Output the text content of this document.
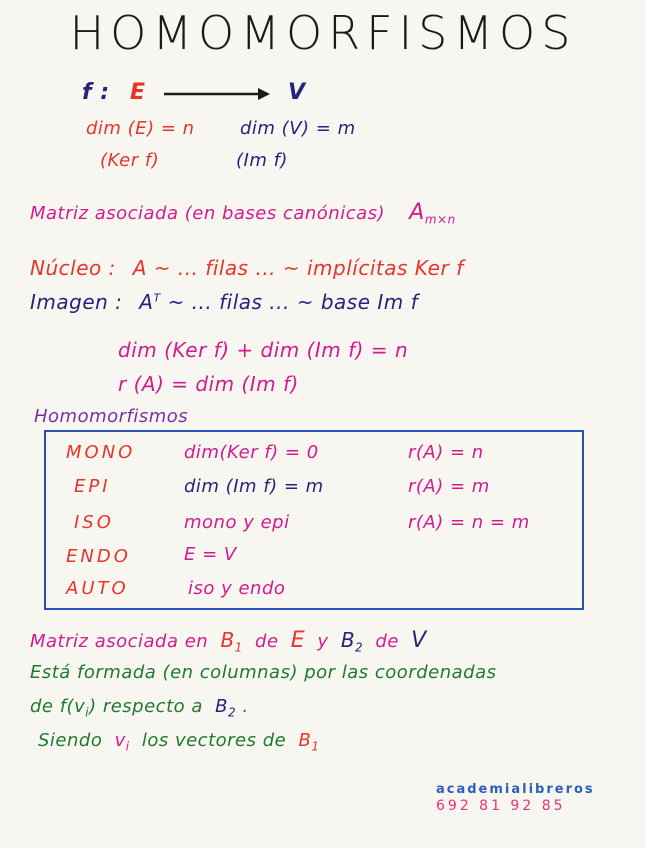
HOMOMORFISMOS
f : E	V
dim (E) = n	dim (V) = m
(Ker f)	(Im f)
Matriz asociada (en bases canónicas) $A_{m\times n}$
Núcleo : A ~ ... filas ... ~ implícitas Ker f
Imagen : $A^T$ ~ ... filas ... ~ base Im f
dim (Ker f) + dim (Im f) = n
r (A) = dim (Im f)
Homomorfismos
MONO	dim(Ker f) = 0	r(A) = n
EPI	dim (Im f) = m	r(A) = m
ISO	mono y epi	r(A) = n = m
ENDO	E = V
AUTO	iso y endo
Matriz asociada en $B_1$ de E y $B_2$ de V
Está formada (en columnas) por las coordenadas
de $f(v_i)$ respecto a $B_2$ .
Siendo $v_i$ los vectores de $B_1$
academialibreros
692 81 92 85
